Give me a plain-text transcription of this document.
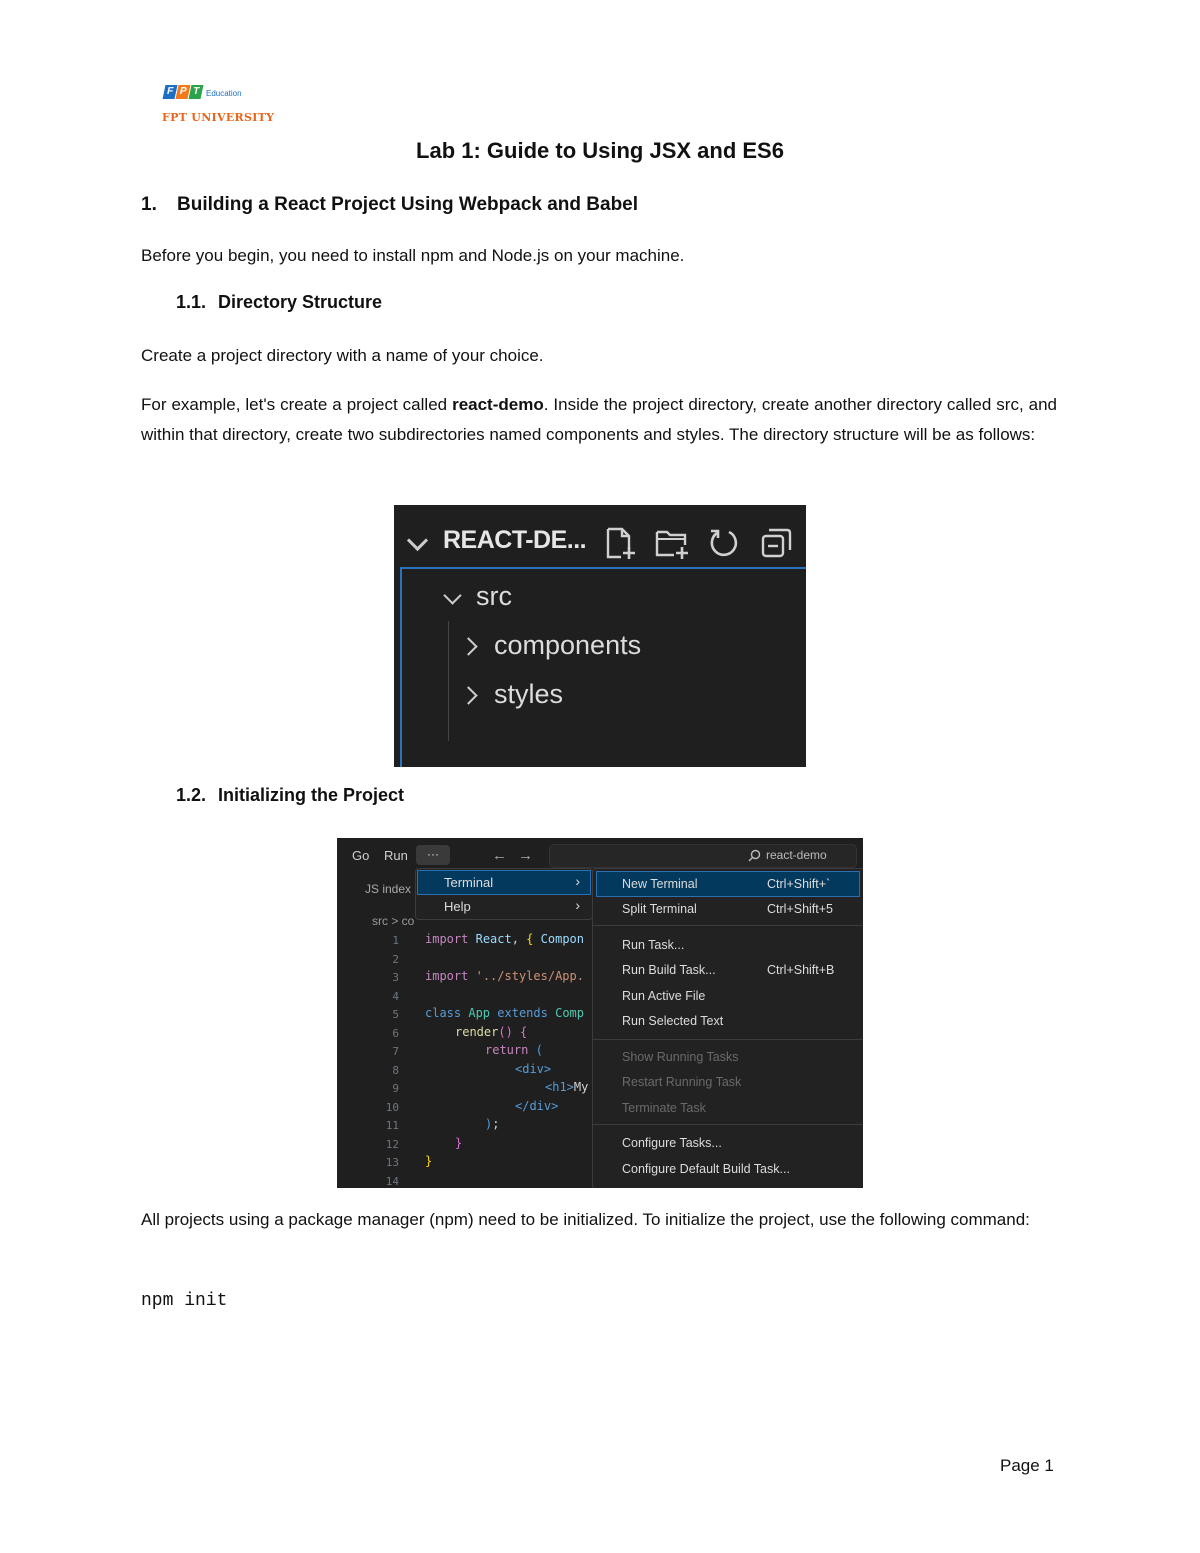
F P T Education
FPT UNIVERSITY
Lab 1: Guide to Using JSX and ES6
1. Building a React Project Using Webpack and Babel
Before you begin, you need to install npm and Node.js on your machine.
1.1. Directory Structure
Create a project directory with a name of your choice.
For example, let's create a project called react-demo. Inside the project directory, create another directory called src, and within that directory, create two subdirectories named components and styles. The directory structure will be as follows:
REACT-DE...
src
components
styles
1.2. Initializing the Project
Go Run	···	← →	react-demo
JS index
src > co
1
2
3
4
5
6
7
8
9
10
11
12
13
14
import React, { Compon
import '../styles/App.
class App extends Comp
render() {
return (
<div>
<h1>My
</div>
);
}
}
Terminal	›
Help	›
New Terminal	Ctrl+Shift+`
Split Terminal	Ctrl+Shift+5
Run Task...
Run Build Task...	Ctrl+Shift+B
Run Active File
Run Selected Text
Show Running Tasks
Restart Running Task
Terminate Task
Configure Tasks...
Configure Default Build Task...
All projects using a package manager (npm) need to be initialized. To initialize the project, use the following command:
npm init
Page 1
